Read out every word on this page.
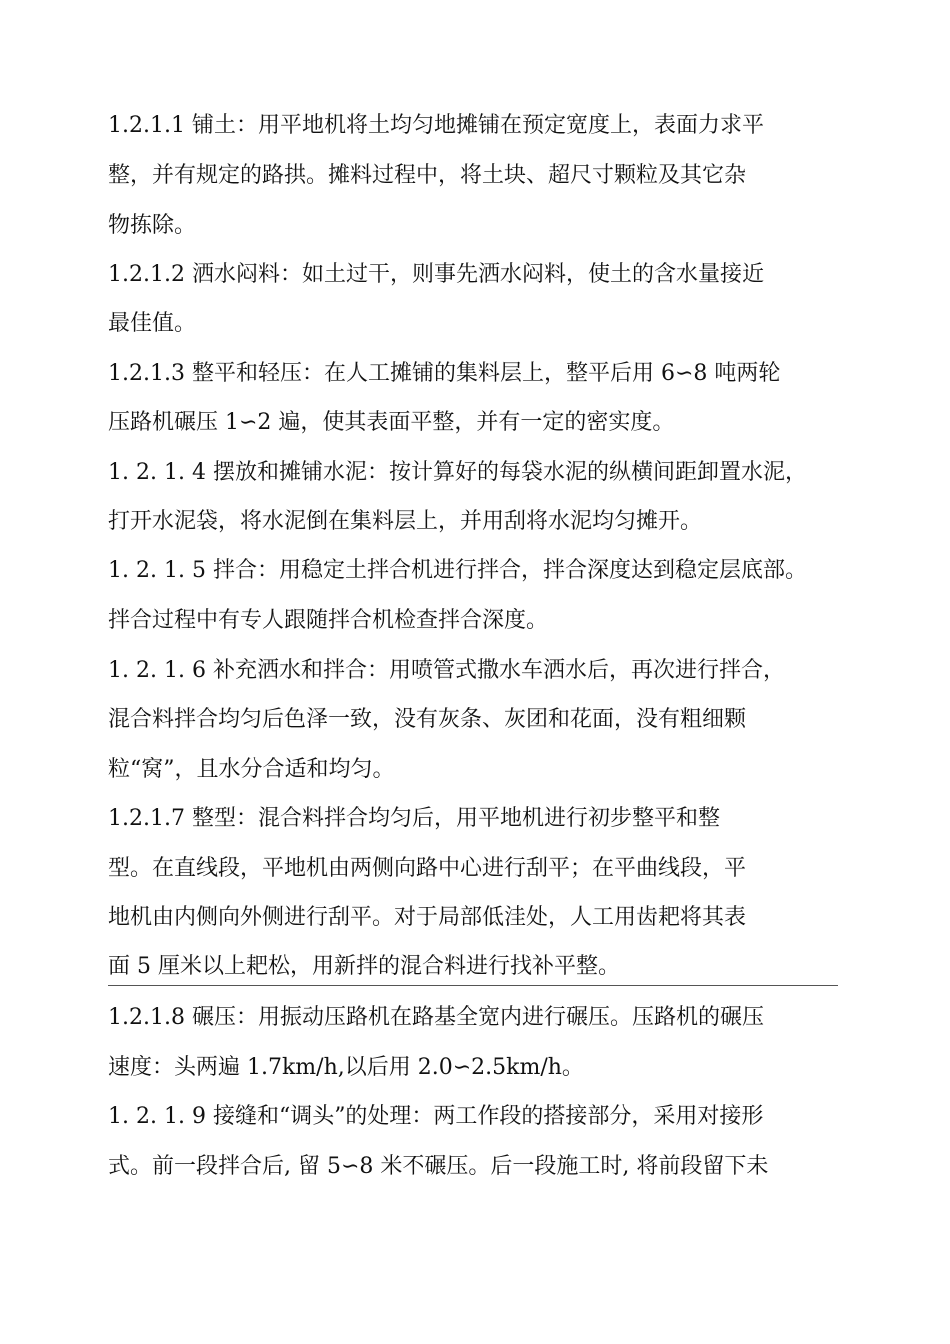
1.2.1.1 铺土：用平地机将土均匀地摊铺在预定宽度上，表面力求平
整，并有规定的路拱。摊料过程中，将土块、超尺寸颗粒及其它杂
物拣除。
1.2.1.2 洒水闷料：如土过干，则事先洒水闷料，使土的含水量接近
最佳值。
1.2.1.3 整平和轻压：在人工摊铺的集料层上，整平后用 6∽8 吨两轮
压路机碾压 1∽2 遍，使其表面平整，并有一定的密实度。
1. 2. 1. 4 摆放和摊铺水泥：按计算好的每袋水泥的纵横间距卸置水泥，
打开水泥袋，将水泥倒在集料层上，并用刮将水泥均匀摊开。
1. 2. 1. 5 拌合：用稳定土拌合机进行拌合，拌合深度达到稳定层底部。
拌合过程中有专人跟随拌合机检查拌合深度。
1. 2. 1. 6 补充洒水和拌合：用喷管式撒水车洒水后，再次进行拌合，
混合料拌合均匀后色泽一致，没有灰条、灰团和花面，没有粗细颗
粒“窝”，且水分合适和均匀。
1.2.1.7 整型：混合料拌合均匀后，用平地机进行初步整平和整
型。在直线段，平地机由两侧向路中心进行刮平；在平曲线段，平
地机由内侧向外侧进行刮平。对于局部低洼处，人工用齿耙将其表
面 5 厘米以上耙松，用新拌的混合料进行找补平整。
1.2.1.8 碾压：用振动压路机在路基全宽内进行碾压。压路机的碾压
速度：头两遍 1.7km/h,以后用 2.0∽2.5km/h。
1. 2. 1. 9 接缝和“调头”的处理：两工作段的搭接部分，采用对接形
式。前一段拌合后, 留 5∽8 米不碾压。后一段施工时, 将前段留下未
